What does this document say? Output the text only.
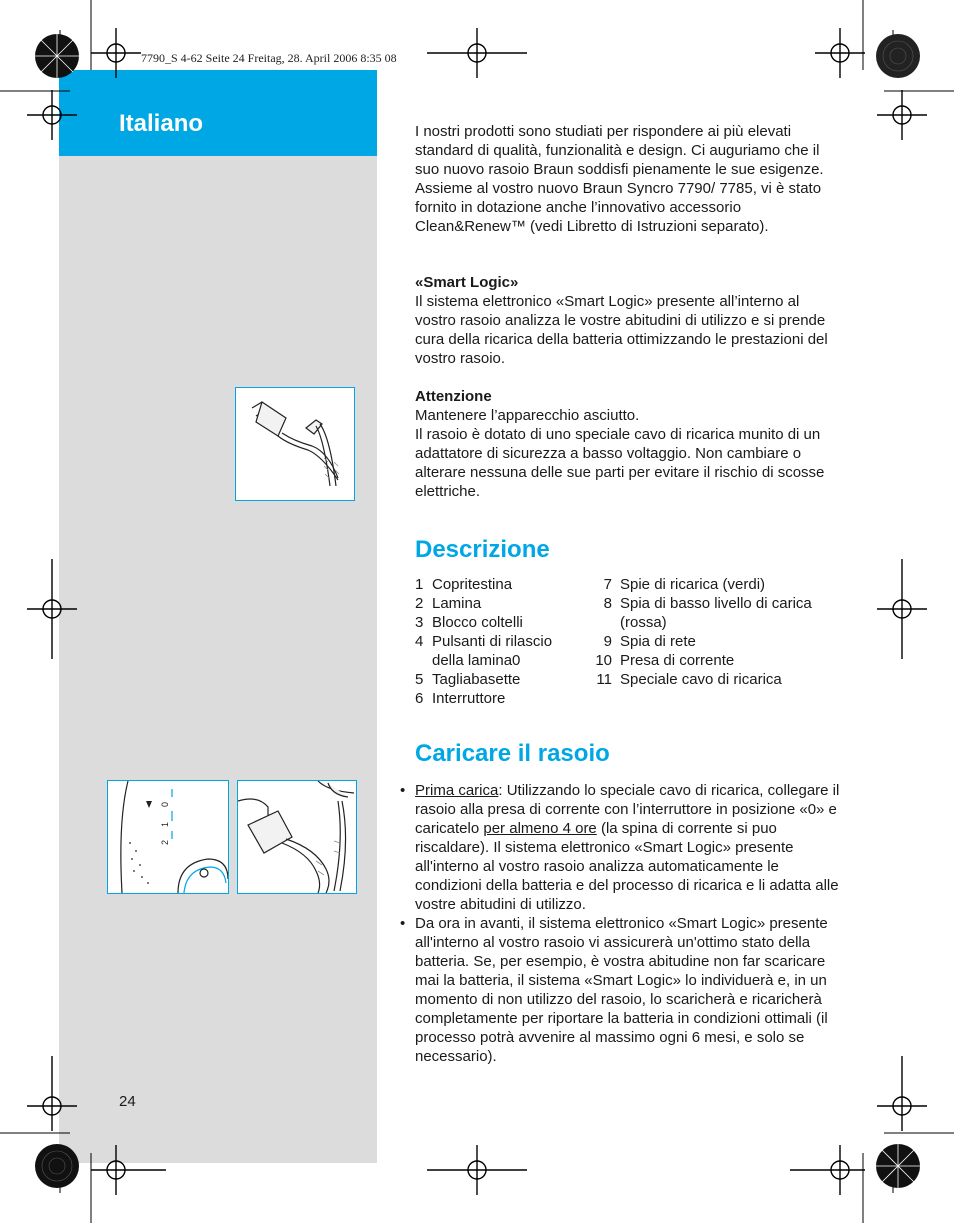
Italiano
7790_S 4-62 Seite 24 Freitag, 28. April 2006 8:35 08
0
1
2

I nostri prodotti sono studiati per rispondere ai più elevati standard di qualità, funzionalità e design. Ci auguriamo che il suo nuovo rasoio Braun soddisfi pienamente le sue esigenze. Assieme al vostro nuovo Braun Syncro 7790/ 7785, vi è stato fornito in dotazione anche l’innovativo accessorio Clean&Renew™ (vedi Libretto di Istruzioni separato).

«Smart Logic»

Il sistema elettronico «Smart Logic» presente all’interno al vostro rasoio analizza le vostre abitudini di utilizzo e si prende cura della ricarica della batteria ottimizzando le prestazioni del vostro rasoio.

Attenzione

Mantenere l’apparecchio asciutto.

Il rasoio è dotato di uno speciale cavo di ricarica munito di un adattatore di sicurezza a basso voltaggio. Non cambiare o alterare nessuna delle sue parti per evitare il rischio di scosse elettriche.

Descrizione
1 Copritestina
2 Lamina
3 Blocco coltelli
4 Pulsanti di rilascio della lamina0
5 Tagliabasette
6 Interruttore
7 Spie di ricarica (verdi)
8 Spia di basso livello di carica (rossa)
9 Spia di rete
10 Presa di corrente
11 Speciale cavo di ricarica
Caricare il rasoio
• Prima carica: Utilizzando lo speciale cavo di ricarica, collegare il rasoio alla presa di corrente con l’interruttore in posizione «0» e caricatelo per almeno 4 ore (la spina di corrente si puo riscaldare). Il sistema elettronico «Smart Logic» presente all'interno al vostro rasoio analizza automaticamente le condizioni della batteria e del processo di ricarica e li adatta alle vostre abitudini di utilizzo.
• Da ora in avanti, il sistema elettronico «Smart Logic» presente all'interno al vostro rasoio vi assicurerà un'ottimo stato della batteria. Se, per esempio, è vostra abitudine non far scaricare mai la batteria, il sistema «Smart Logic» lo individuerà e, in un momento di non utilizzo del rasoio, lo scaricherà e ricaricherà completamente per riportare la batteria in condizioni ottimali (il processo potrà avvenire al massimo ogni 6 mesi, e solo se necessario).
24
